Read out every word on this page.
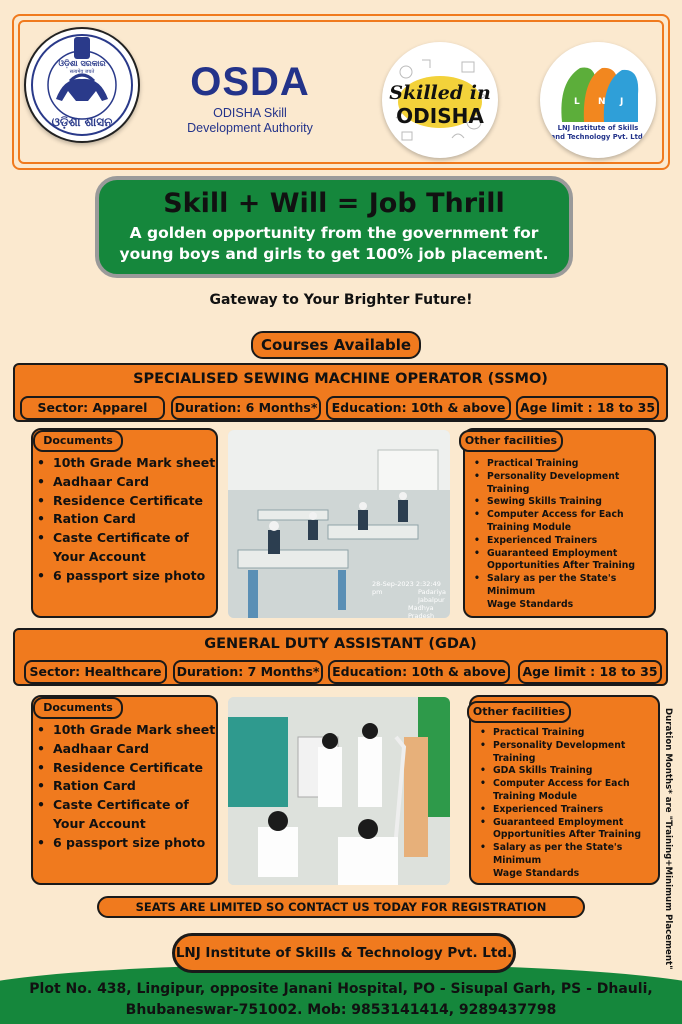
ଓଡ଼ିଶା ସରକାର
सत्यमेव जयते
ଓଡ଼ିଶା ଶାସନ
OSDA
ODISHA Skill
Development Authority
Skilled in
ODISHA
L N J
LNJ Institute of Skills
and Technology Pvt. Ltd.
Skill + Will = Job Thrill
A golden opportunity from the government for
young boys and girls to get 100% job placement.
Gateway to Your Brighter Future!
Courses Available
SPECIALISED SEWING MACHINE OPERATOR (SSMO)
Sector: Apparel	Duration: 6 Months*	Education: 10th & above	Age limit : 18 to 35
Documents
• 10th Grade Mark sheet
• Aadhaar Card
• Residence Certificate
• Ration Card
• Caste Certificate of
Your Account
• 6 passport size photo
28-Sep-2023 2:32:49 pm	Padariya
Jabalpur
Madhya Pradesh
Other facilities
• Practical Training
• Personality Development Training
• Sewing Skills Training
• Computer Access for Each
Training Module
• Experienced Trainers
• Guaranteed Employment
Opportunities After Training
• Salary as per the State's Minimum
Wage Standards
GENERAL DUTY ASSISTANT (GDA)
Sector: Healthcare	Duration: 7 Months*	Education: 10th & above	Age limit : 18 to 35
Documents
• 10th Grade Mark sheet
• Aadhaar Card
• Residence Certificate
• Ration Card
• Caste Certificate of
Your Account
• 6 passport size photo
Other facilities
• Practical Training
• Personality Development Training
• GDA Skills Training
• Computer Access for Each
Training Module
• Experienced Trainers
• Guaranteed Employment
Opportunities After Training
• Salary as per the State's Minimum
Wage Standards	Duration Months* are "Training+Minimum Placement"
SEATS ARE LIMITED SO CONTACT US TODAY FOR REGISTRATION
LNJ Institute of Skills & Technology Pvt. Ltd.
Plot No. 438, Lingipur, opposite Janani Hospital, PO - Sisupal Garh, PS - Dhauli,
Bhubaneswar-751002. Mob: 9853141414, 9289437798
